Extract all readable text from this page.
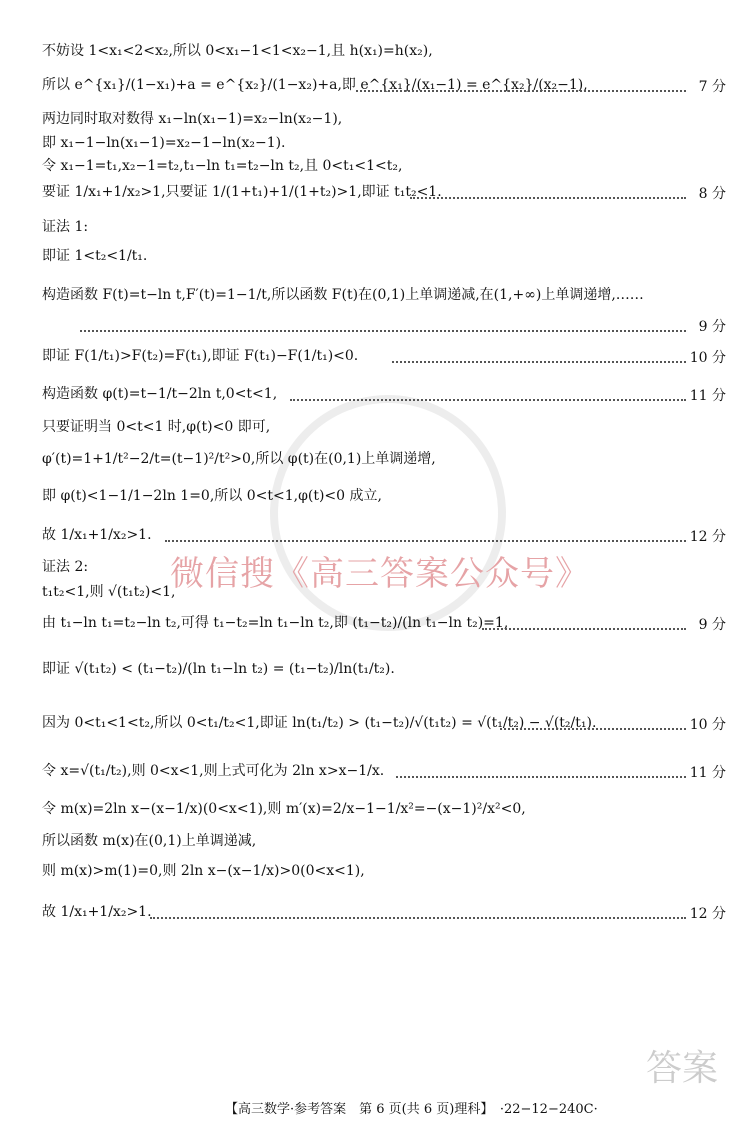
不妨设 1<x₁<2<x₂,所以 0<x₁−1<1<x₂−1,且 h(x₁)=h(x₂),
所以 e^{x₁}/(1−x₁)+a = e^{x₂}/(1−x₂)+a,即 e^{x₁}/(x₁−1) = e^{x₂}/(x₂−1),	7 分
两边同时取对数得 x₁−ln(x₁−1)=x₂−ln(x₂−1),
即 x₁−1−ln(x₁−1)=x₂−1−ln(x₂−1).
令 x₁−1=t₁,x₂−1=t₂,t₁−ln t₁=t₂−ln t₂,且 0<t₁<1<t₂,
要证 1/x₁+1/x₂>1,只要证 1/(1+t₁)+1/(1+t₂)>1,即证 t₁t₂<1.	8 分
证法 1:
即证 1<t₂<1/t₁.
构造函数 F(t)=t−ln t,F′(t)=1−1/t,所以函数 F(t)在(0,1)上单调递减,在(1,+∞)上单调递增,……
9 分
即证 F(1/t₁)>F(t₂)=F(t₁),即证 F(t₁)−F(1/t₁)<0.	10 分
构造函数 φ(t)=t−1/t−2ln t,0<t<1,	11 分
只要证明当 0<t<1 时,φ(t)<0 即可,
φ′(t)=1+1/t²−2/t=(t−1)²/t²>0,所以 φ(t)在(0,1)上单调递增,
即 φ(t)<1−1/1−2ln 1=0,所以 0<t<1,φ(t)<0 成立,
故 1/x₁+1/x₂>1.	12 分
微信搜《高三答案公众号》
证法 2:
t₁t₂<1,则 √(t₁t₂)<1,
由 t₁−ln t₁=t₂−ln t₂,可得 t₁−t₂=ln t₁−ln t₂,即 (t₁−t₂)/(ln t₁−ln t₂)=1,	9 分
即证 √(t₁t₂) < (t₁−t₂)/(ln t₁−ln t₂) = (t₁−t₂)/ln(t₁/t₂).
因为 0<t₁<1<t₂,所以 0<t₁/t₂<1,即证 ln(t₁/t₂) > (t₁−t₂)/√(t₁t₂) = √(t₁/t₂) − √(t₂/t₁).	10 分
令 x=√(t₁/t₂),则 0<x<1,则上式可化为 2ln x>x−1/x.	11 分
令 m(x)=2ln x−(x−1/x)(0<x<1),则 m′(x)=2/x−1−1/x²=−(x−1)²/x²<0,
所以函数 m(x)在(0,1)上单调递减,
则 m(x)>m(1)=0,则 2ln x−(x−1/x)>0(0<x<1),
故 1/x₁+1/x₂>1.	12 分
答案
【高三数学·参考答案　第 6 页(共 6 页)理科】　·22−12−240C·
